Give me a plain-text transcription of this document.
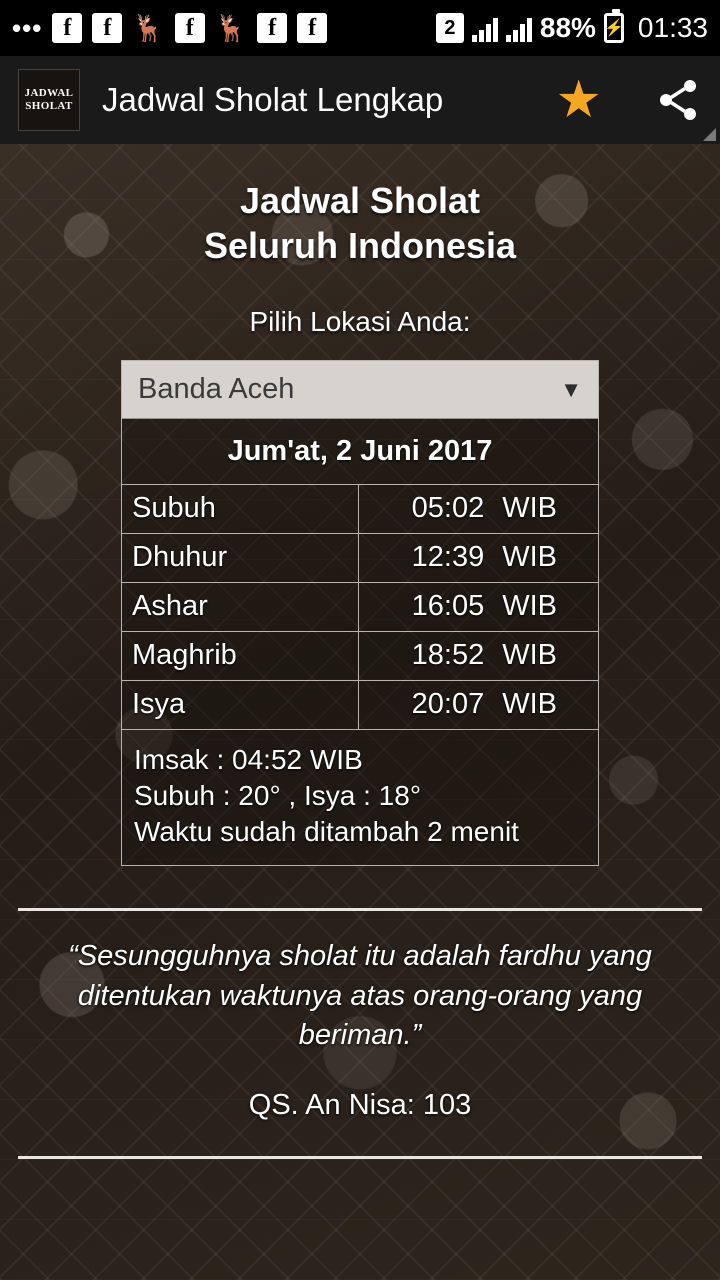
••• f	f 🦌 f 🦌 f	f	2	88% ⚡ 01:33
JADWAL
SHOLAT Jadwal Sholat Lengkap ★
Jadwal Sholat
Seluruh Indonesia
Pilih Lokasi Anda:
Banda Aceh	▼
Jum'at, 2 Juni 2017
Subuh	05:02 WIB
Dhuhur	12:39 WIB
Ashar	16:05 WIB
Maghrib	18:52 WIB
Isya	20:07 WIB
Imsak : 04:52 WIB
Subuh : 20° , Isya : 18°
Waktu sudah ditambah 2 menit
“Sesungguhnya sholat itu adalah fardhu yang ditentukan waktunya atas orang-orang yang beriman.”
QS. An Nisa: 103
